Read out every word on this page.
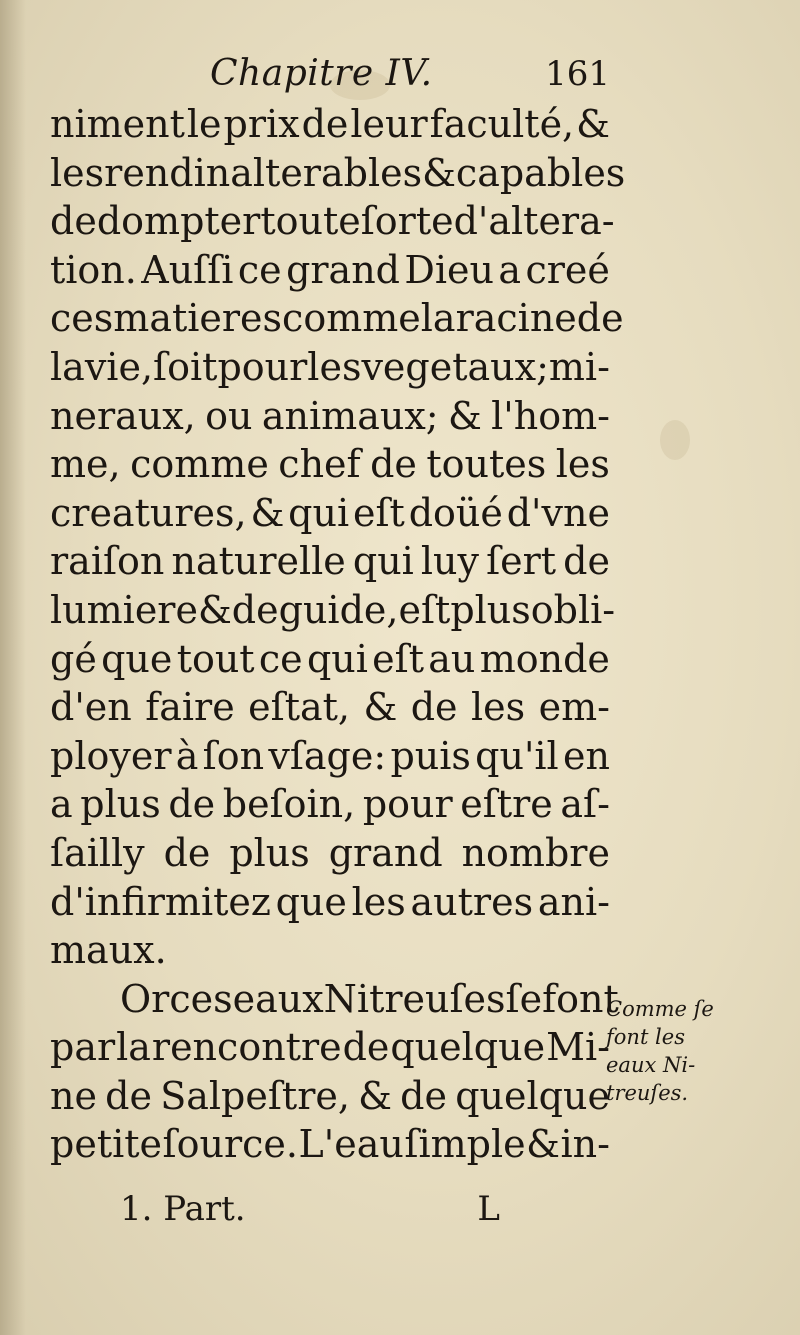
Chapitre IV.	161
niment le prix de leur faculté, &
les rend inalterables & capables
de dompter toute ſorte d'altera-
tion. Auſſi ce grand Dieu a creé
ces matieres comme la racine de
la vie, ſoit pour les vegetaux; mi-
neraux, ou animaux; & l'hom-
me, comme chef de toutes les
creatures, & qui eſt doüé d'vne
raiſon naturelle qui luy ſert de
lumiere & de guide, eſt plus obli-
gé que tout ce qui eſt au monde
d'en faire eſtat, & de les em-
ployer à ſon vſage: puis qu'il en
a plus de beſoin, pour eſtre aſ-
ſailly de plus grand nombre
d'infirmitez que les autres ani-
maux.
Or ces eaux Nitreuſes ſe font
par la rencontre de quelque Mi-
ne de Salpeſtre, & de quelque
petite ſource. L'eau ſimple & in-
Comme ſe
font les
eaux Ni-
treuſes.
1. Part.	L
